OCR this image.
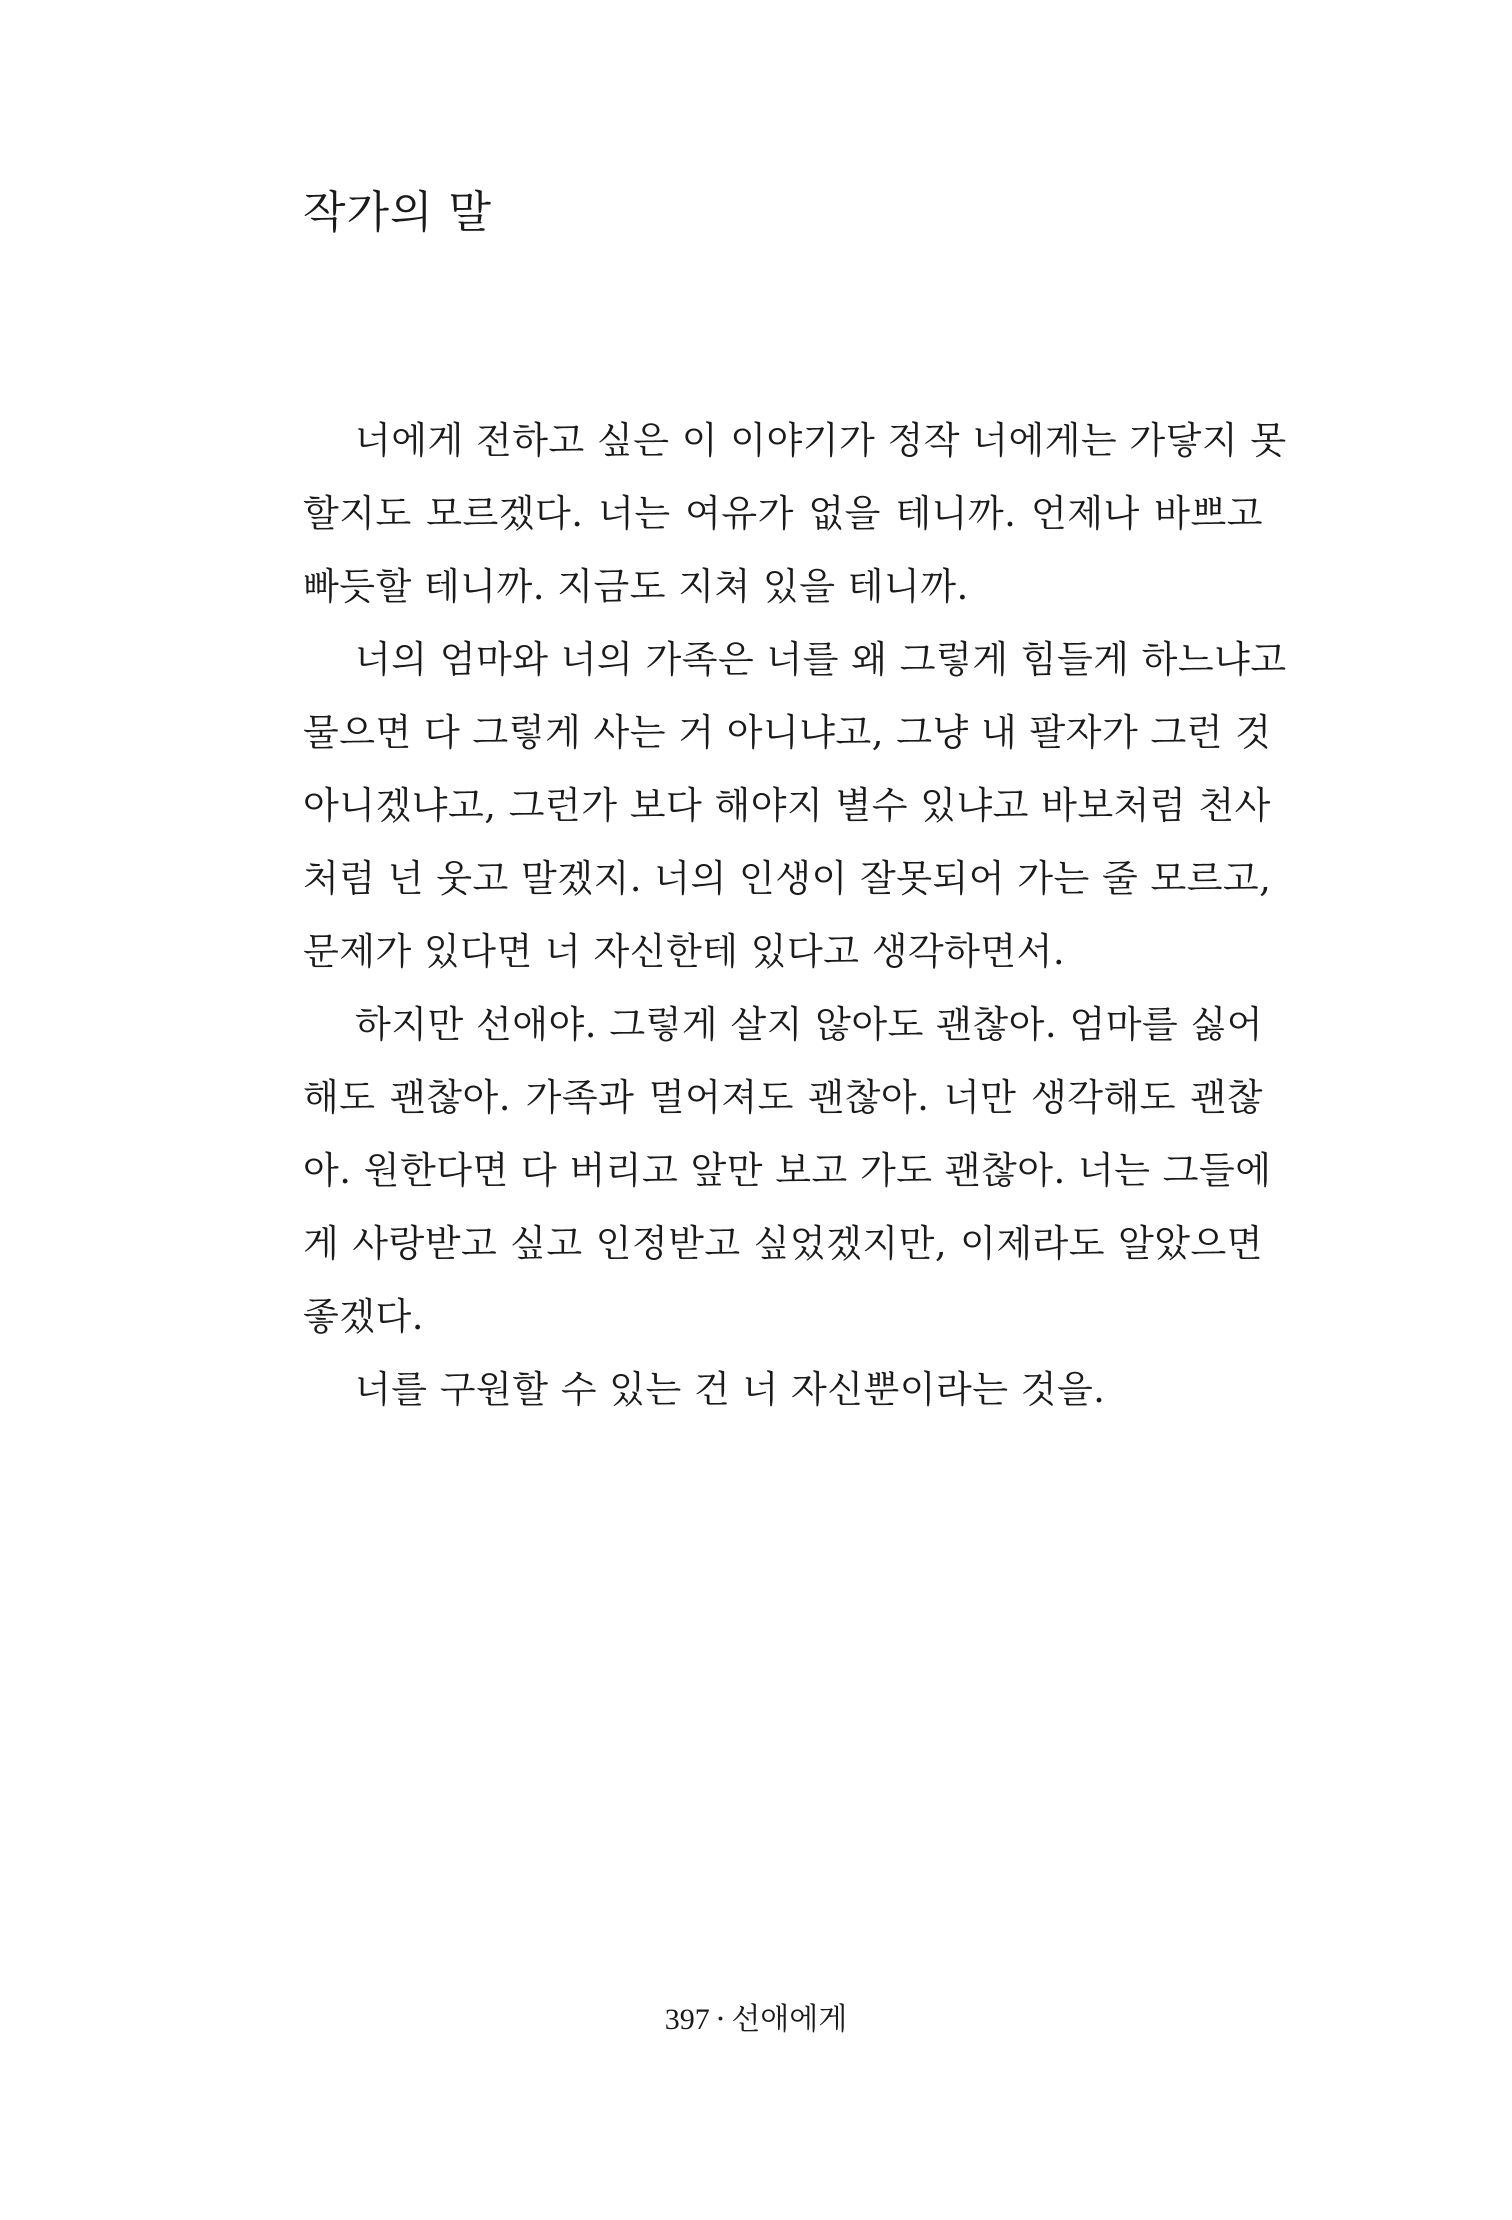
작가의 말
너에게 전하고 싶은 이 이야기가 정작 너에게는 가닿지 못
할지도 모르겠다. 너는 여유가 없을 테니까. 언제나 바쁘고
빠듯할 테니까. 지금도 지쳐 있을 테니까.
너의 엄마와 너의 가족은 너를 왜 그렇게 힘들게 하느냐고
물으면 다 그렇게 사는 거 아니냐고, 그냥 내 팔자가 그런 것
아니겠냐고, 그런가 보다 해야지 별수 있냐고 바보처럼 천사
처럼 넌 웃고 말겠지. 너의 인생이 잘못되어 가는 줄 모르고,
문제가 있다면 너 자신한테 있다고 생각하면서.
하지만 선애야. 그렇게 살지 않아도 괜찮아. 엄마를 싫어
해도 괜찮아. 가족과 멀어져도 괜찮아. 너만 생각해도 괜찮
아. 원한다면 다 버리고 앞만 보고 가도 괜찮아. 너는 그들에
게 사랑받고 싶고 인정받고 싶었겠지만, 이제라도 알았으면
좋겠다.
너를 구원할 수 있는 건 너 자신뿐이라는 것을.
397 · 선애에게
